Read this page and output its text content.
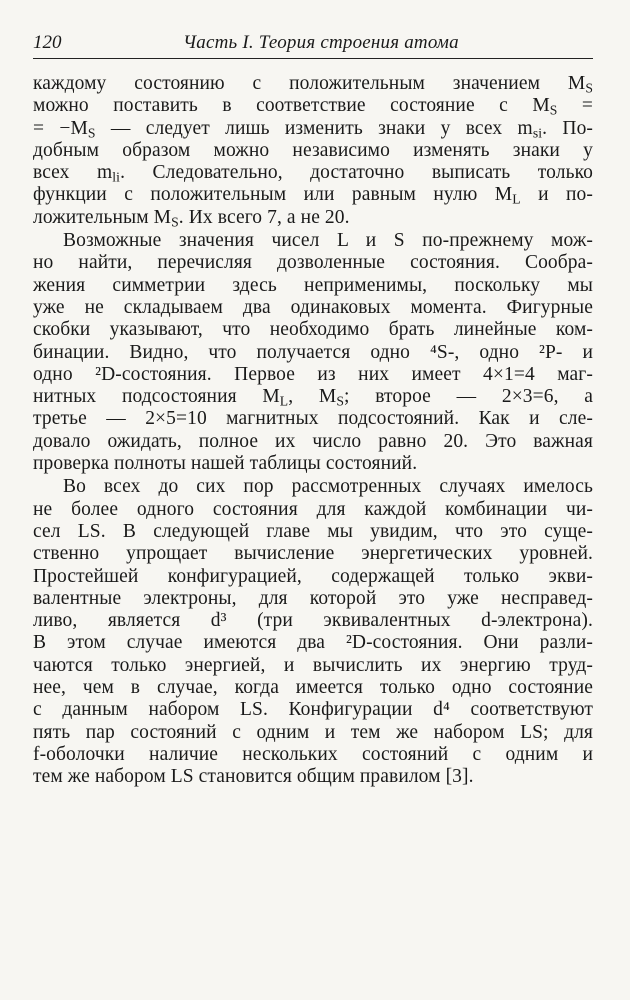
120	Часть I. Теория строения атома

каждому состоянию с положительным значением $M_S$
можно поставить в соответствие состояние с $M_S$ =
= $-M_S$ — следует лишь изменить знаки у всех $m_{si}$. По-
добным образом можно независимо изменять знаки у
всех $m_{li}$. Следовательно, достаточно выписать только
функции с положительным или равным нулю $M_L$ и по-
ложительным $M_S$. Их всего 7, а не 20.

Возможные значения чисел L и S по-прежнему мож-
но найти, перечисляя дозволенные состояния. Сообра-
жения симметрии здесь неприменимы, поскольку мы
уже не складываем два одинаковых момента. Фигурные
скобки указывают, что необходимо брать линейные ком-
бинации. Видно, что получается одно ⁴S-, одно ²P- и
одно ²D-состояния. Первое из них имеет 4×1=4 маг-
нитных подсостояния $M_L$, $M_S$; второе — 2×3=6, а
третье — 2×5=10 магнитных подсостояний. Как и сле-
довало ожидать, полное их число равно 20. Это важная
проверка полноты нашей таблицы состояний.

Во всех до сих пор рассмотренных случаях имелось
не более одного состояния для каждой комбинации чи-
сел LS. В следующей главе мы увидим, что это суще-
ственно упрощает вычисление энергетических уровней.
Простейшей конфигурацией, содержащей только экви-
валентные электроны, для которой это уже несправед-
ливо, является d³ (три эквивалентных d-электрона).
В этом случае имеются два ²D-состояния. Они разли-
чаются только энергией, и вычислить их энергию труд-
нее, чем в случае, когда имеется только одно состояние
с данным набором LS. Конфигурации d⁴ соответствуют
пять пар состояний с одним и тем же набором LS; для
f-оболочки наличие нескольких состояний с одним и
тем же набором LS становится общим правилом [3].
